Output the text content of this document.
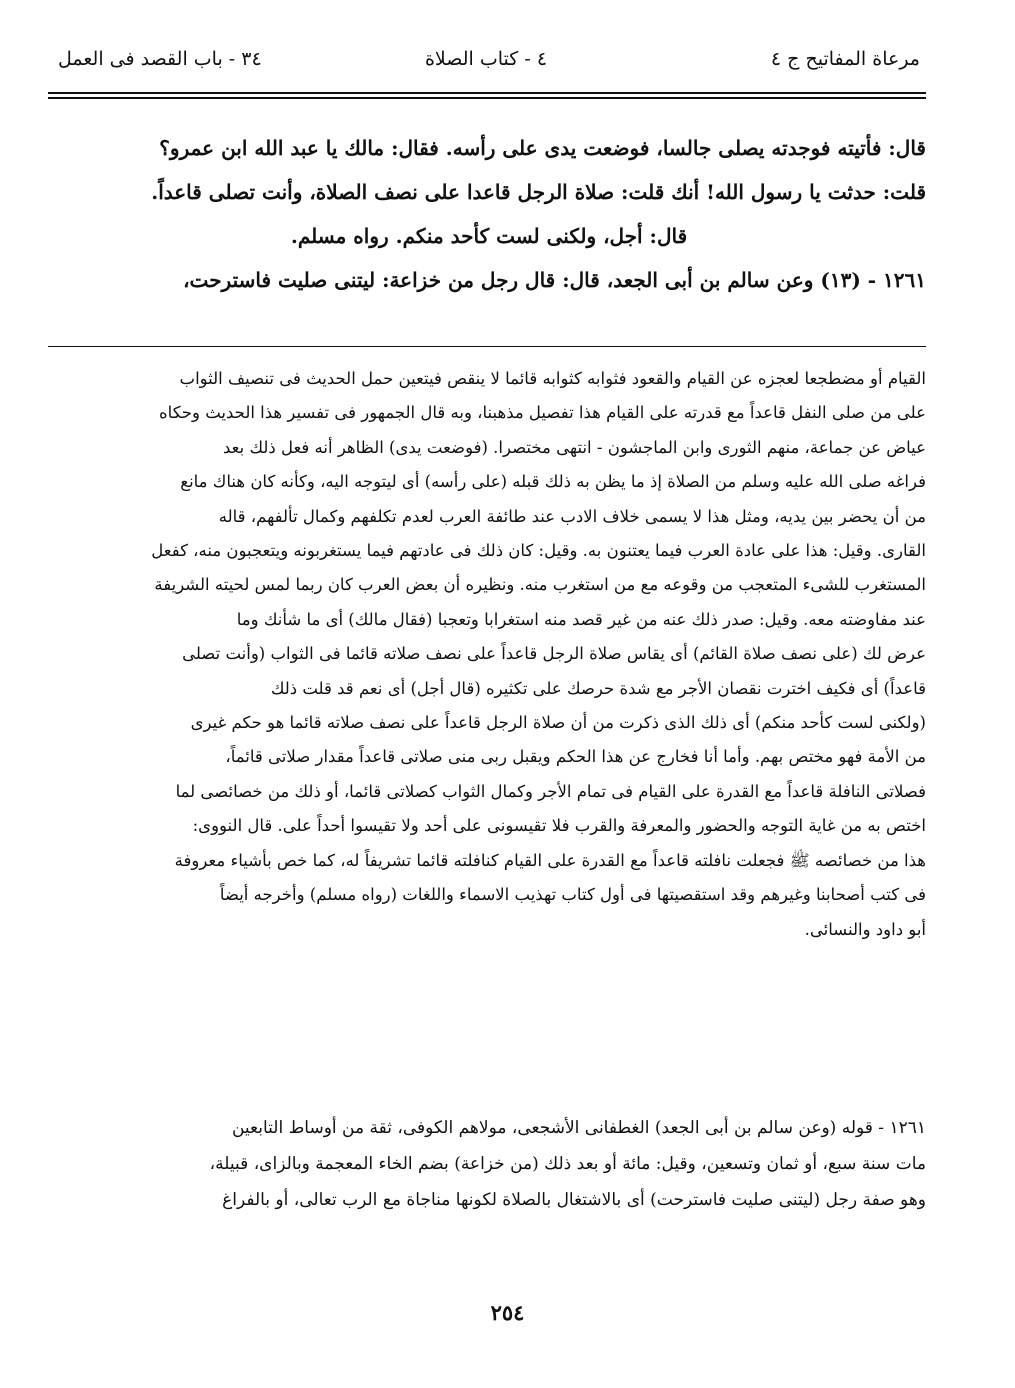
مرعاة المفاتيح ج ٤
٤ - كتاب الصلاة
٣٤ - باب القصد فى العمل

قال: فأتيته فوجدته يصلى جالسا، فوضعت يدى على رأسه. فقال: مالك يا عبد الله ابن عمرو؟

قلت: حدثت يا رسول الله! أنك قلت: صلاة الرجل قاعدا على نصف الصلاة، وأنت تصلى قاعداً.

قال: أجل، ولكنى لست كأحد منكم. رواه مسلم.

١٢٦١ - (١٣) وعن سالم بن أبى الجعد، قال: قال رجل من خزاعة: ليتنى صليت فاسترحت،

القيام أو مضطجعا لعجزه عن القيام والقعود فثوابه كثوابه قائما لا ينقص فيتعين حمل الحديث فى تنصيف الثواب

على من صلى النفل قاعداً مع قدرته على القيام هذا تفصيل مذهبنا، وبه قال الجمهور فى تفسير هذا الحديث وحكاه

عياض عن جماعة، منهم الثورى وابن الماجشون - انتهى مختصرا. (فوضعت يدى) الظاهر أنه فعل ذلك بعد

فراغه صلى الله عليه وسلم من الصلاة إذ ما يظن به ذلك قبله (على رأسه) أى ليتوجه اليه، وكأنه كان هناك مانع

من أن يحضر بين يديه، ومثل هذا لا يسمى خلاف الادب عند طائفة العرب لعدم تكلفهم وكمال تألفهم، قاله

القارى. وقيل: هذا على عادة العرب فيما يعتنون به. وقيل: كان ذلك فى عادتهم فيما يستغربونه ويتعجبون منه، كفعل

المستغرب للشىء المتعجب من وقوعه مع من استغرب منه. ونظيره أن بعض العرب كان ربما لمس لحيته الشريفة

عند مفاوضته معه. وقيل: صدر ذلك عنه من غير قصد منه استغرابا وتعجبا (فقال مالك) أى ما شأنك وما

عرض لك (على نصف صلاة القائم) أى يقاس صلاة الرجل قاعداً على نصف صلاته قائما فى الثواب (وأنت تصلى

قاعداً) أى فكيف اخترت نقصان الأجر مع شدة حرصك على تكثيره (قال أجل) أى نعم قد قلت ذلك

(ولكنى لست كأحد منكم) أى ذلك الذى ذكرت من أن صلاة الرجل قاعداً على نصف صلاته قائما هو حكم غيرى

من الأمة فهو مختص بهم. وأما أنا فخارج عن هذا الحكم ويقبل ربى منى صلاتى قاعداً مقدار صلاتى قائماً،

فصلاتى النافلة قاعداً مع القدرة على القيام فى تمام الأجر وكمال الثواب كصلاتى قائما، أو ذلك من خصائصى لما

اختص به من غاية التوجه والحضور والمعرفة والقرب فلا تقيسونى على أحد ولا تقيسوا أحداً على. قال النووى:

هذا من خصائصه ﷺ فجعلت نافلته قاعداً مع القدرة على القيام كنافلته قائما تشريفاً له، كما خص بأشياء معروفة

فى كتب أصحابنا وغيرهم وقد استقصيتها فى أول كتاب تهذيب الاسماء واللغات (رواه مسلم) وأخرجه أيضاً

أبو داود والنسائى.

١٢٦١ - قوله (وعن سالم بن أبى الجعد) الغطفانى الأشجعى، مولاهم الكوفى، ثقة من أوساط التابعين

مات سنة سبع، أو ثمان وتسعين، وقيل: مائة أو بعد ذلك (من خزاعة) بضم الخاء المعجمة وبالزاى، قبيلة،

وهو صفة رجل (ليتنى صليت فاسترحت) أى بالاشتغال بالصلاة لكونها مناجاة مع الرب تعالى، أو بالفراغ

٢٥٤
